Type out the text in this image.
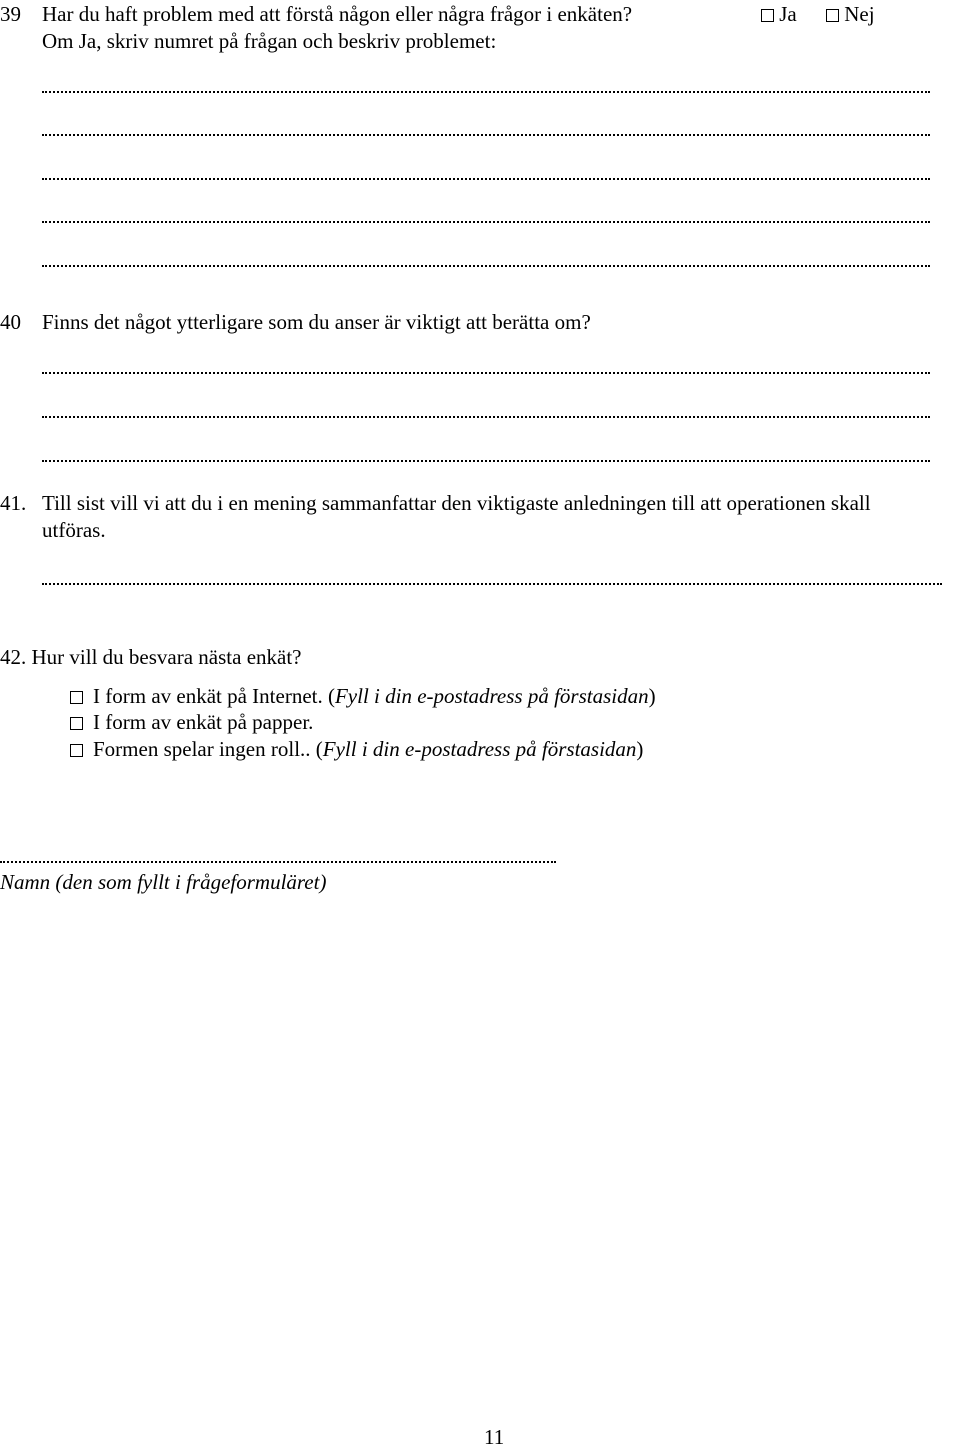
39 Har du haft problem med att förstå någon eller några frågor i enkäten?	Ja	Nej
Om Ja, skriv numret på frågan och beskriv problemet:
40 Finns det något ytterligare som du anser är viktigt att berätta om?
41. Till sist vill vi att du i en mening sammanfattar den viktigaste anledningen till att operationen skall
utföras.
42. Hur vill du besvara nästa enkät?
I form av enkät på Internet. (Fyll i din e-postadress på förstasidan)
I form av enkät på papper.
Formen spelar ingen roll.. (Fyll i din e-postadress på förstasidan)
Namn (den som fyllt i frågeformuläret)
11
